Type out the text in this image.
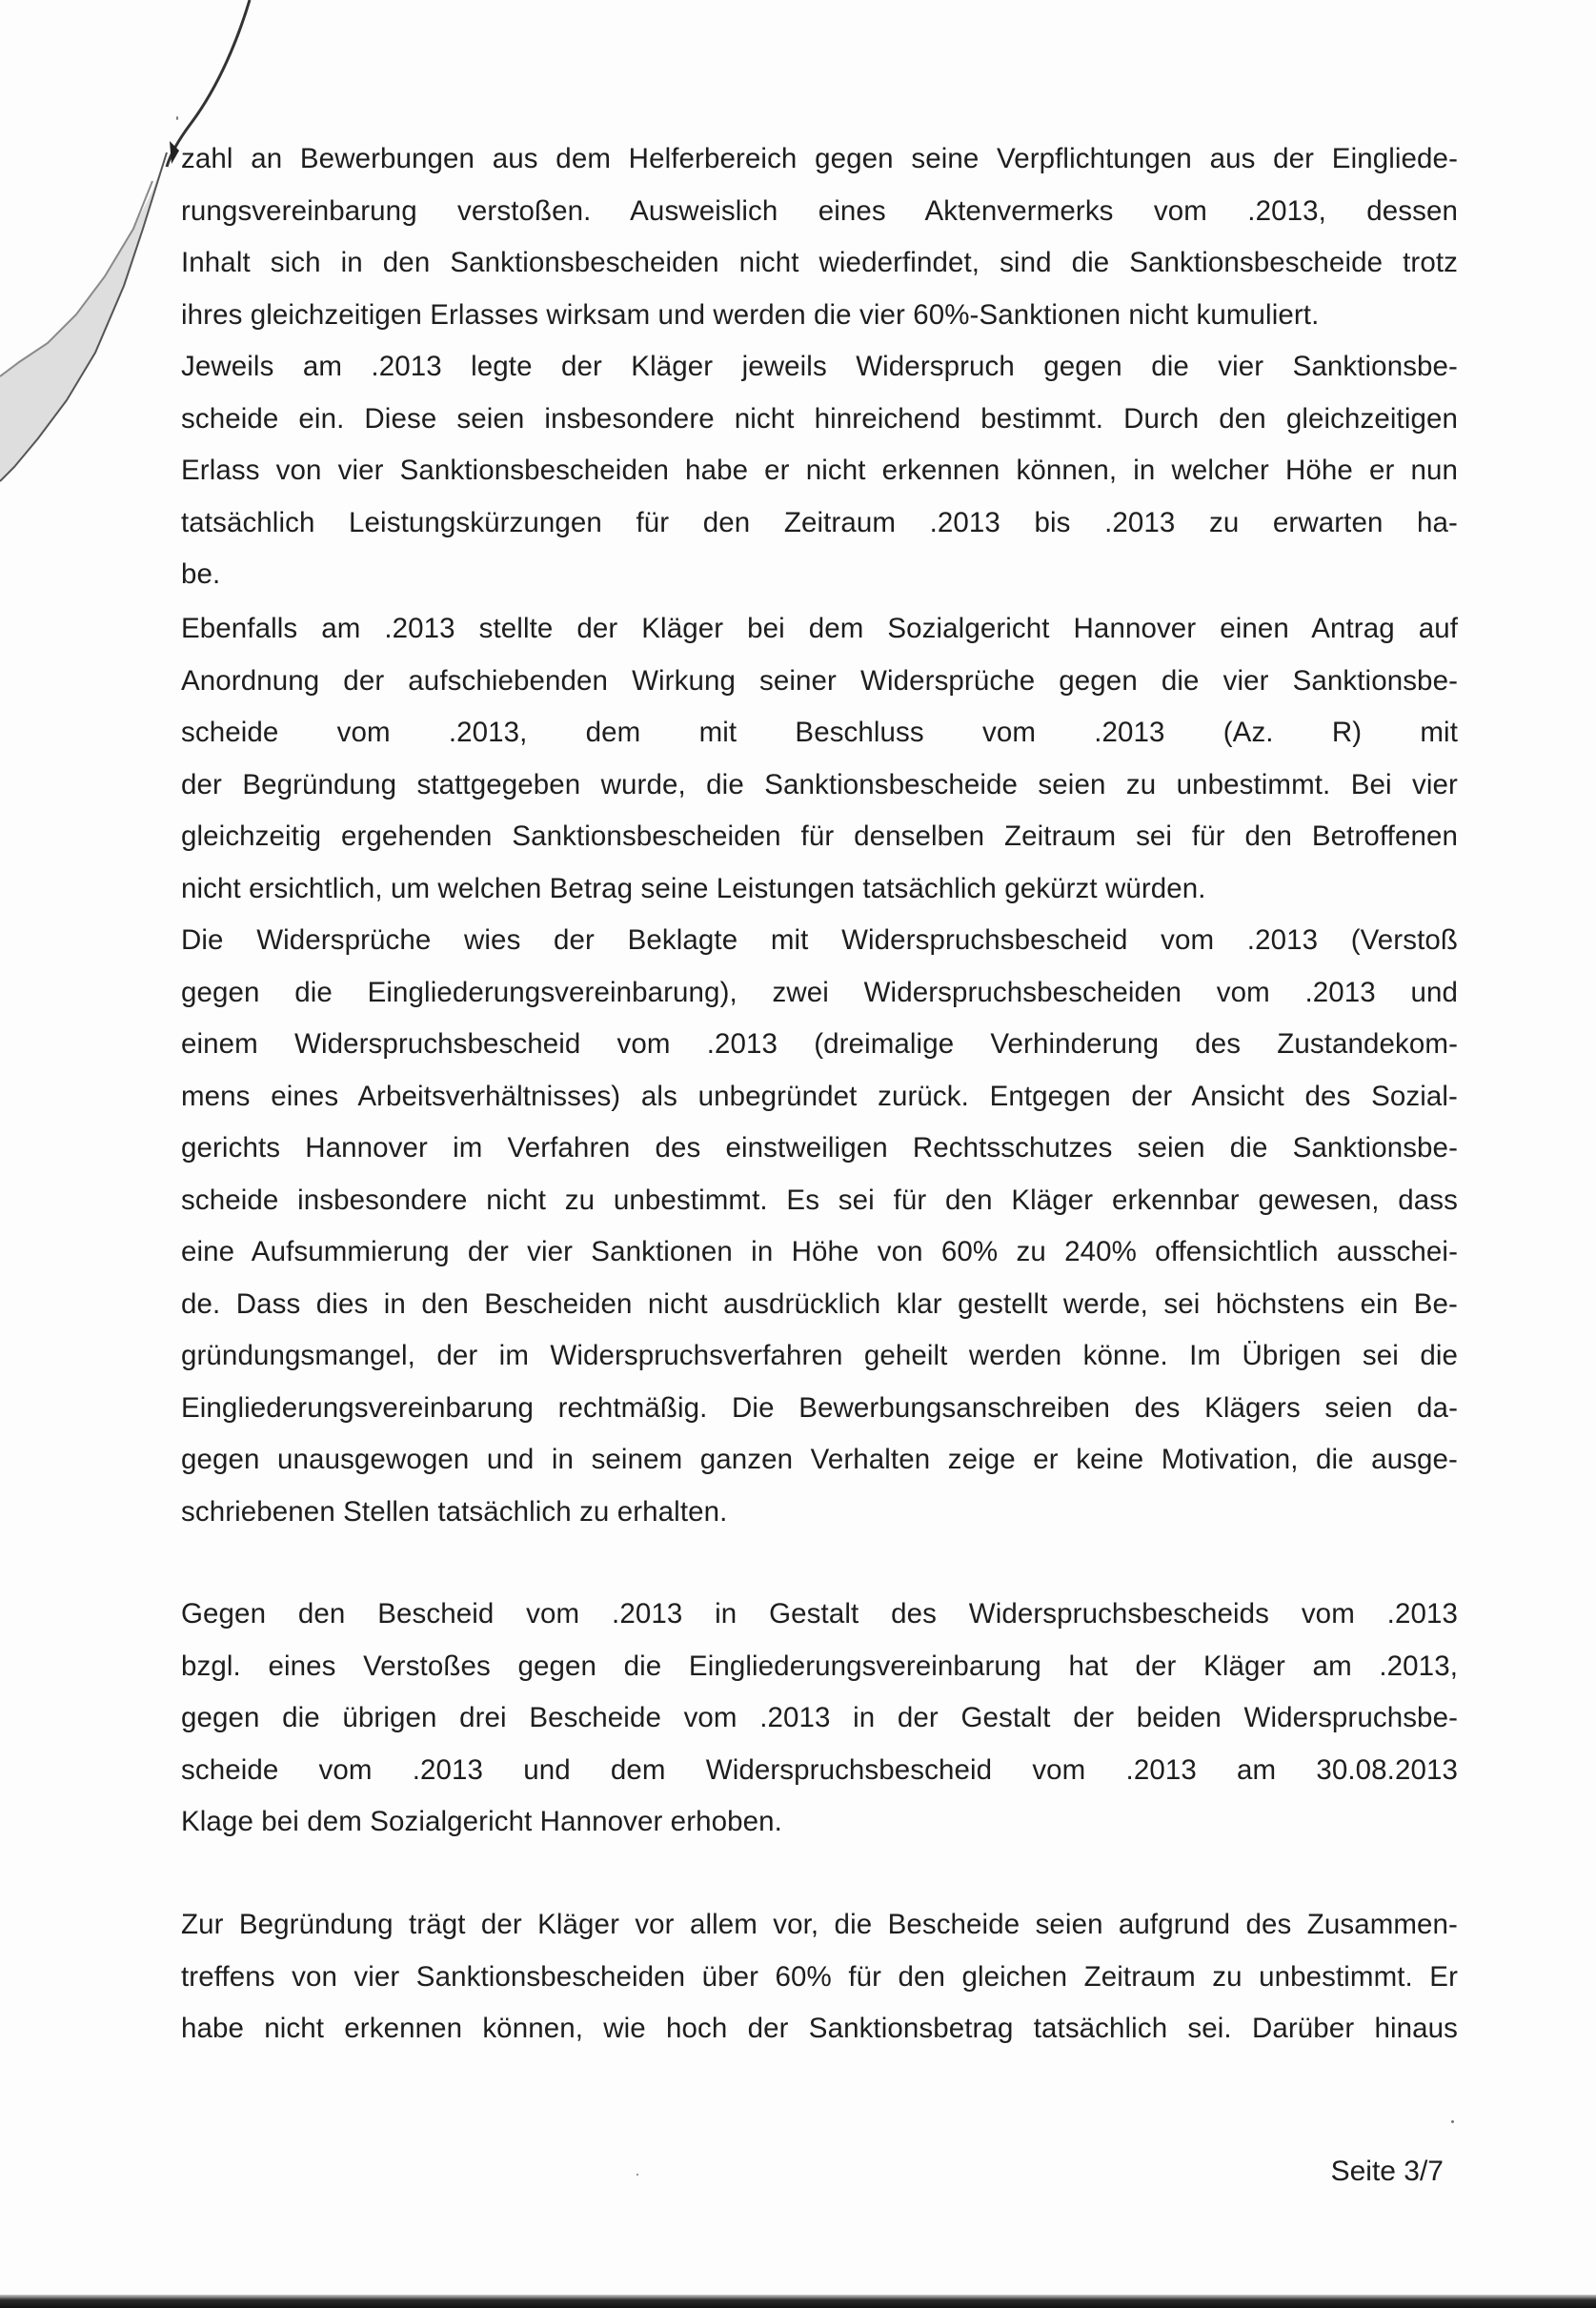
zahl an Bewerbungen aus dem Helferbereich gegen seine Verpflichtungen aus der Eingliede-
rungsvereinbarung verstoßen. Ausweislich eines Aktenvermerks vom .2013, dessen
Inhalt sich in den Sanktionsbescheiden nicht wiederfindet, sind die Sanktionsbescheide trotz
ihres gleichzeitigen Erlasses wirksam und werden die vier 60%-Sanktionen nicht kumuliert.
Jeweils am .2013 legte der Kläger jeweils Widerspruch gegen die vier Sanktionsbe-
scheide ein. Diese seien insbesondere nicht hinreichend bestimmt. Durch den gleichzeitigen
Erlass von vier Sanktionsbescheiden habe er nicht erkennen können, in welcher Höhe er nun
tatsächlich Leistungskürzungen für den Zeitraum .2013 bis .2013 zu erwarten ha-
be.
Ebenfalls am .2013 stellte der Kläger bei dem Sozialgericht Hannover einen Antrag auf
Anordnung der aufschiebenden Wirkung seiner Widersprüche gegen die vier Sanktionsbe-
scheide vom .2013, dem mit Beschluss vom .2013 (Az. R) mit
der Begründung stattgegeben wurde, die Sanktionsbescheide seien zu unbestimmt. Bei vier
gleichzeitig ergehenden Sanktionsbescheiden für denselben Zeitraum sei für den Betroffenen
nicht ersichtlich, um welchen Betrag seine Leistungen tatsächlich gekürzt würden.
Die Widersprüche wies der Beklagte mit Widerspruchsbescheid vom .2013 (Verstoß
gegen die Eingliederungsvereinbarung), zwei Widerspruchsbescheiden vom .2013 und
einem Widerspruchsbescheid vom .2013 (dreimalige Verhinderung des Zustandekom-
mens eines Arbeitsverhältnisses) als unbegründet zurück. Entgegen der Ansicht des Sozial-
gerichts Hannover im Verfahren des einstweiligen Rechtsschutzes seien die Sanktionsbe-
scheide insbesondere nicht zu unbestimmt. Es sei für den Kläger erkennbar gewesen, dass
eine Aufsummierung der vier Sanktionen in Höhe von 60% zu 240% offensichtlich ausschei-
de. Dass dies in den Bescheiden nicht ausdrücklich klar gestellt werde, sei höchstens ein Be-
gründungsmangel, der im Widerspruchsverfahren geheilt werden könne. Im Übrigen sei die
Eingliederungsvereinbarung rechtmäßig. Die Bewerbungsanschreiben des Klägers seien da-
gegen unausgewogen und in seinem ganzen Verhalten zeige er keine Motivation, die ausge-
schriebenen Stellen tatsächlich zu erhalten.
Gegen den Bescheid vom .2013 in Gestalt des Widerspruchsbescheids vom .2013
bzgl. eines Verstoßes gegen die Eingliederungsvereinbarung hat der Kläger am .2013,
gegen die übrigen drei Bescheide vom .2013 in der Gestalt der beiden Widerspruchsbe-
scheide vom .2013 und dem Widerspruchsbescheid vom .2013 am 30.08.2013
Klage bei dem Sozialgericht Hannover erhoben.
Zur Begründung trägt der Kläger vor allem vor, die Bescheide seien aufgrund des Zusammen-
treffens von vier Sanktionsbescheiden über 60% für den gleichen Zeitraum zu unbestimmt. Er
habe nicht erkennen können, wie hoch der Sanktionsbetrag tatsächlich sei. Darüber hinaus
Seite 3/7
